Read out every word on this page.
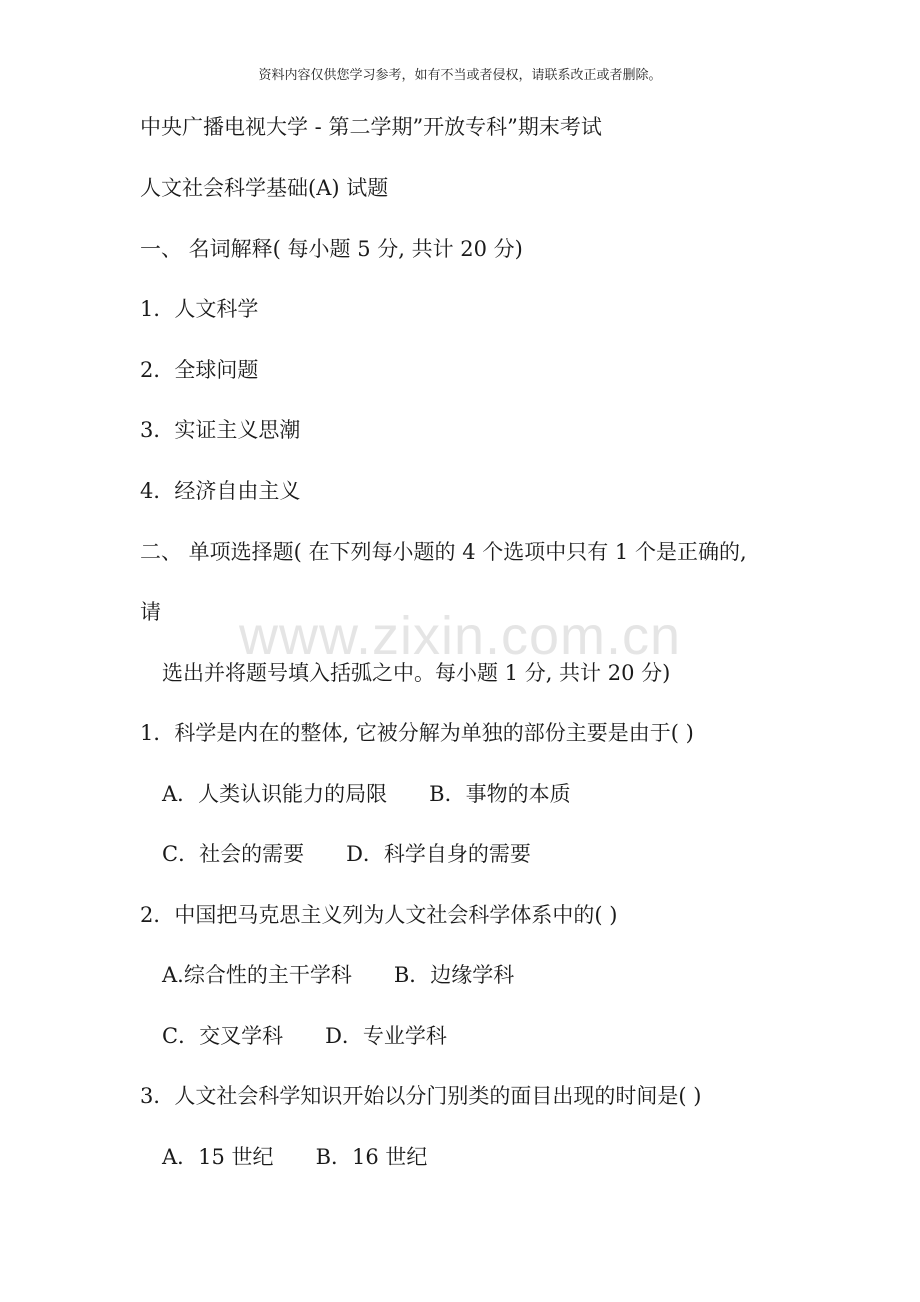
资料内容仅供您学习参考，如有不当或者侵权，请联系改正或者删除。
中央广播电视大学 - 第二学期”开放专科”期末考试
人文社会科学基础(A) 试题
一、 名词解释( 每小题 5 分, 共计 20 分)
1．人文科学
2．全球问题
3．实证主义思潮
4．经济自由主义
二、 单项选择题( 在下列每小题的 4 个选项中只有 1 个是正确的,
请
选出并将题号填入括弧之中。每小题 1 分, 共计 20 分)
www.zixin.com.cn
1．科学是内在的整体, 它被分解为单独的部份主要是由于( )
A．人类认识能力的局限 B．事物的本质
C．社会的需要 D．科学自身的需要
2．中国把马克思主义列为人文社会科学体系中的( )
A.综合性的主干学科 B．边缘学科
C．交叉学科 D．专业学科
3．人文社会科学知识开始以分门别类的面目出现的时间是( )
A．15 世纪 B．16 世纪
